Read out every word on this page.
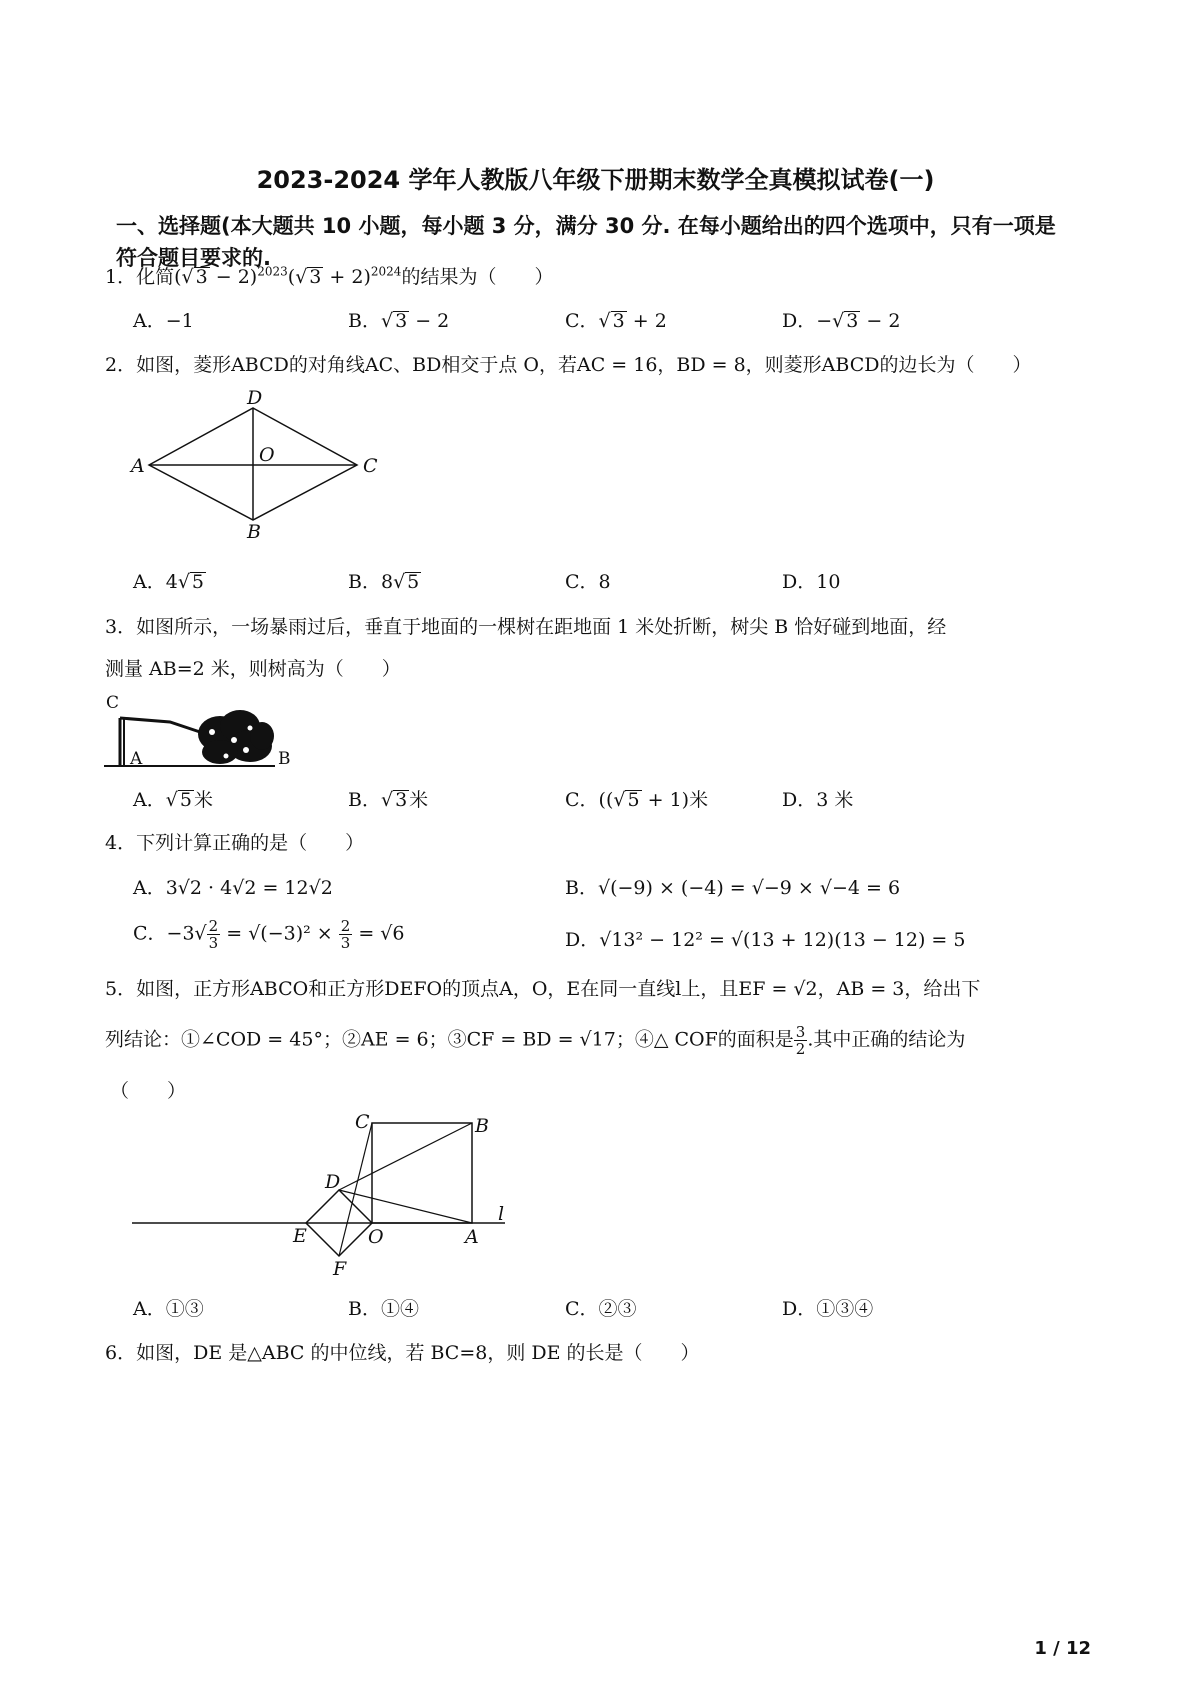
2023-2024 学年人教版八年级下册期末数学全真模拟试卷(一)
一、选择题(本大题共 10 小题，每小题 3 分，满分 30 分. 在每小题给出的四个选项中，只有一项是符合题目要求的.
1．化简(√ 3 − 2)$^{2023}$(√ 3 + 2)$^{2024}$的结果为（　　）
A．−1	B．√ 3 − 2	C．√ 3 + 2	D．−√ 3 − 2
2．如图，菱形ABCD的对角线AC、BD相交于点 O，若AC = 16，BD = 8，则菱形ABCD的边长为（　　）
D
A	O	C
B
A．4√ 5	B．8√ 5	C．8	D．10
3．如图所示，一场暴雨过后，垂直于地面的一棵树在距地面 1 米处折断，树尖 B 恰好碰到地面，经
测量 AB=2 米，则树高为（　　）
C
A	B
A．√ 5 米	B．√ 3 米	C．((√ 5 + 1)米	D．3 米
4．下列计算正确的是（　　）
A．3√2 · 4√2 = 12√2	B．√(−9) × (−4) = √−9 × √−4 = 6
C．$-3√ \frac{2}{3} = √(-3)^2 \times \frac{2}{3} = √6$	D．√13² − 12² = √(13 + 12)(13 − 12) = 5
5．如图，正方形ABCO和正方形DEFO的顶点A，O，E在同一直线l上，且EF = √2，AB = 3，给出下
列结论：①∠COD = 45°；②AE = 6；③CF = BD = √17；④△ COF的面积是 $\frac{3}{2}$ .其中正确的结论为
（　　）
C	B
D
l
E	O	A
F
A．①③	B．①④	C．②③	D．①③④
6．如图，DE 是△ABC 的中位线，若 BC=8，则 DE 的长是（　　）
1 / 12
